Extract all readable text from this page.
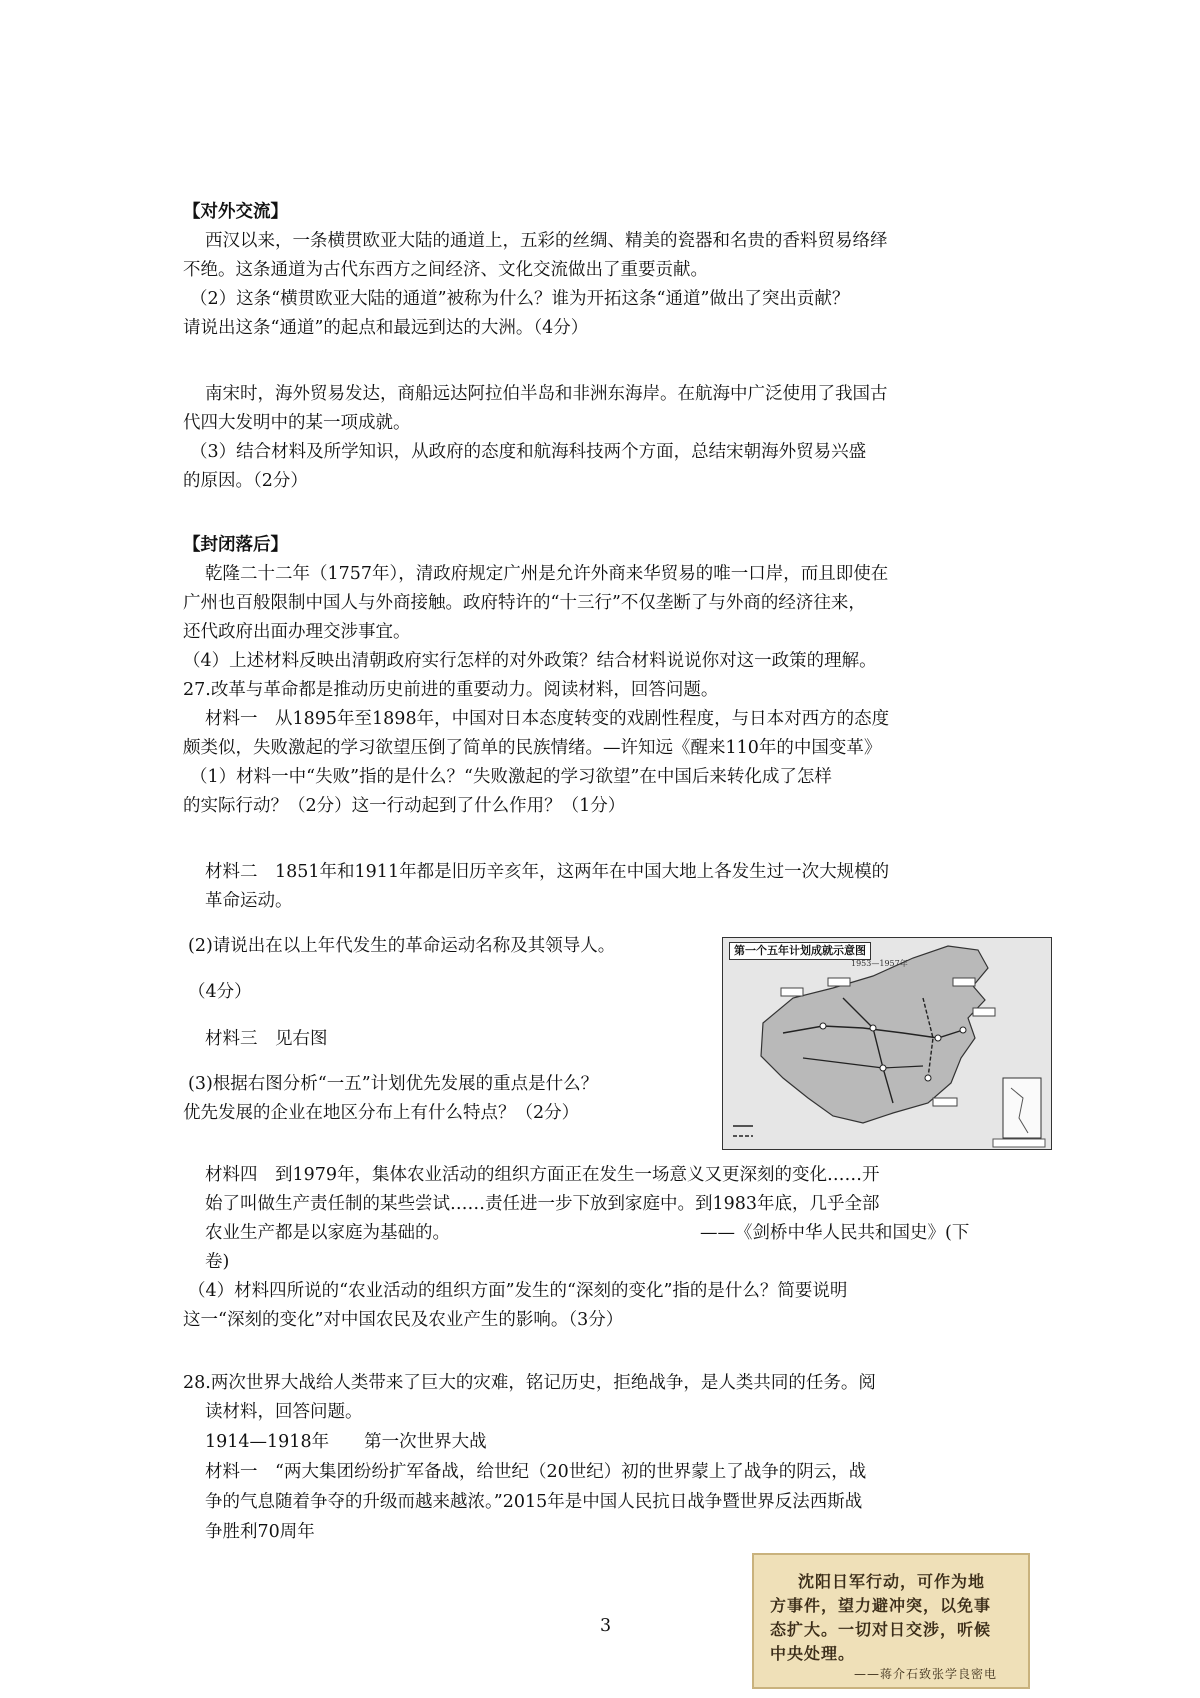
【对外交流】
西汉以来，一条横贯欧亚大陆的通道上，五彩的丝绸、精美的瓷器和名贵的香料贸易络绎
不绝。这条通道为古代东西方之间经济、文化交流做出了重要贡献。
（2）这条“横贯欧亚大陆的通道”被称为什么？谁为开拓这条“通道”做出了突出贡献？
请说出这条“通道”的起点和最远到达的大洲。（4分）
南宋时，海外贸易发达，商船远达阿拉伯半岛和非洲东海岸。在航海中广泛使用了我国古
代四大发明中的某一项成就。
（3）结合材料及所学知识，从政府的态度和航海科技两个方面，总结宋朝海外贸易兴盛
的原因。（2分）
【封闭落后】
乾隆二十二年（1757年），清政府规定广州是允许外商来华贸易的唯一口岸，而且即使在
广州也百般限制中国人与外商接触。政府特许的“十三行”不仅垄断了与外商的经济往来，
还代政府出面办理交涉事宜。
（4）上述材料反映出清朝政府实行怎样的对外政策？结合材料说说你对这一政策的理解。
27.改革与革命都是推动历史前进的重要动力。阅读材料，回答问题。
材料一　从1895年至1898年，中国对日本态度转变的戏剧性程度，与日本对西方的态度
颇类似，失败激起的学习欲望压倒了简单的民族情绪。—许知远《醒来110年的中国变革》
（1）材料一中“失败”指的是什么？“失败激起的学习欲望”在中国后来转化成了怎样
的实际行动？（2分）这一行动起到了什么作用？（1分）
材料二　1851年和1911年都是旧历辛亥年，这两年在中国大地上各发生过一次大规模的
革命运动。
(2)请说出在以上年代发生的革命运动名称及其领导人。
（4分）
材料三　见右图
(3)根据右图分析“一五”计划优先发展的重点是什么？
优先发展的企业在地区分布上有什么特点？（2分）
第一个五年计划成就示意图
1953—1957年
材料四　到1979年，集体农业活动的组织方面正在发生一场意义又更深刻的变化……开
始了叫做生产责任制的某些尝试……责任进一步下放到家庭中。到1983年底，几乎全部
农业生产都是以家庭为基础的。	——《剑桥中华人民共和国史》(下
卷)
（4）材料四所说的“农业活动的组织方面”发生的“深刻的变化”指的是什么？简要说明
这一“深刻的变化”对中国农民及农业产生的影响。（3分）
28.两次世界大战给人类带来了巨大的灾难，铭记历史，拒绝战争，是人类共同的任务。阅
读材料，回答问题。
1914—1918年　　第一次世界大战
材料一　“两大集团纷纷扩军备战，给世纪（20世纪）初的世界蒙上了战争的阴云，战
争的气息随着争夺的升级而越来越浓。”2015年是中国人民抗日战争暨世界反法西斯战
争胜利70周年
3
沈阳日军行动，可作为地
方事件，望力避冲突，以免事
态扩大。一切对日交涉，听候
中央处理。
——蒋介石致张学良密电
